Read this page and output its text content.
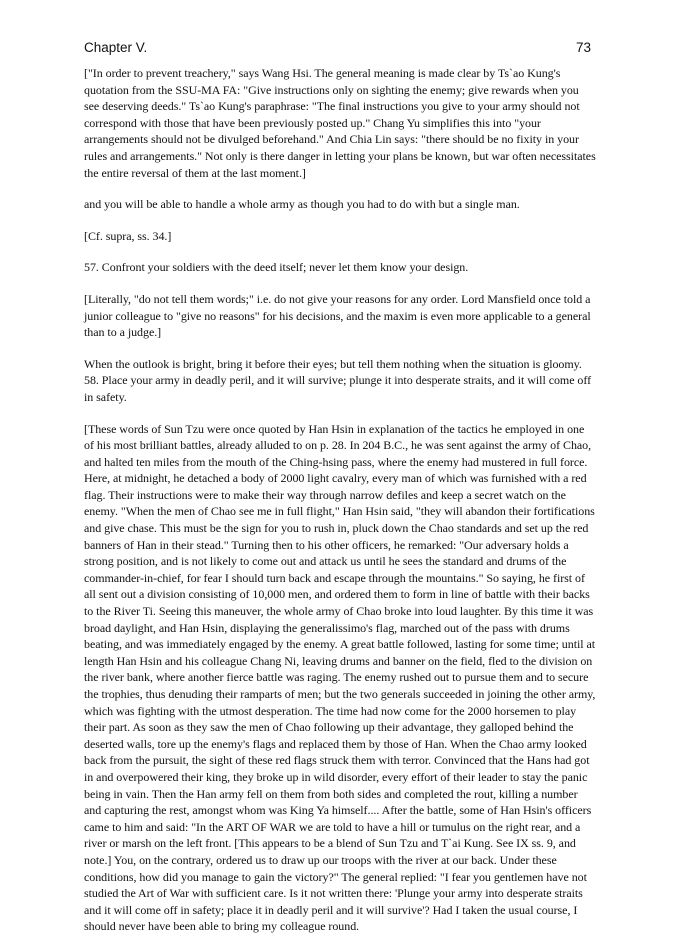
Chapter V.	73

["In order to prevent treachery," says Wang Hsi. The general meaning is made clear by Ts`ao Kung's quotation from the SSU-MA FA: "Give instructions only on sighting the enemy; give rewards when you see deserving deeds." Ts`ao Kung's paraphrase: "The final instructions you give to your army should not correspond with those that have been previously posted up." Chang Yu simplifies this into "your arrangements should not be divulged beforehand." And Chia Lin says: "there should be no fixity in your rules and arrangements." Not only is there danger in letting your plans be known, but war often necessitates the entire reversal of them at the last moment.]

and you will be able to handle a whole army as though you had to do with but a single man.

[Cf. supra, ss. 34.]

57. Confront your soldiers with the deed itself; never let them know your design.

[Literally, "do not tell them words;" i.e. do not give your reasons for any order. Lord Mansfield once told a junior colleague to "give no reasons" for his decisions, and the maxim is even more applicable to a general than to a judge.]

When the outlook is bright, bring it before their eyes; but tell them nothing when the situation is gloomy. 58. Place your army in deadly peril, and it will survive; plunge it into desperate straits, and it will come off in safety.

[These words of Sun Tzu were once quoted by Han Hsin in explanation of the tactics he employed in one of his most brilliant battles, already alluded to on p. 28. In 204 B.C., he was sent against the army of Chao, and halted ten miles from the mouth of the Ching-hsing pass, where the enemy had mustered in full force. Here, at midnight, he detached a body of 2000 light cavalry, every man of which was furnished with a red flag. Their instructions were to make their way through narrow defiles and keep a secret watch on the enemy. "When the men of Chao see me in full flight," Han Hsin said, "they will abandon their fortifications and give chase. This must be the sign for you to rush in, pluck down the Chao standards and set up the red banners of Han in their stead." Turning then to his other officers, he remarked: "Our adversary holds a strong position, and is not likely to come out and attack us until he sees the standard and drums of the commander-in-chief, for fear I should turn back and escape through the mountains." So saying, he first of all sent out a division consisting of 10,000 men, and ordered them to form in line of battle with their backs to the River Ti. Seeing this maneuver, the whole army of Chao broke into loud laughter. By this time it was broad daylight, and Han Hsin, displaying the generalissimo's flag, marched out of the pass with drums beating, and was immediately engaged by the enemy. A great battle followed, lasting for some time; until at length Han Hsin and his colleague Chang Ni, leaving drums and banner on the field, fled to the division on the river bank, where another fierce battle was raging. The enemy rushed out to pursue them and to secure the trophies, thus denuding their ramparts of men; but the two generals succeeded in joining the other army, which was fighting with the utmost desperation. The time had now come for the 2000 horsemen to play their part. As soon as they saw the men of Chao following up their advantage, they galloped behind the deserted walls, tore up the enemy's flags and replaced them by those of Han. When the Chao army looked back from the pursuit, the sight of these red flags struck them with terror. Convinced that the Hans had got in and overpowered their king, they broke up in wild disorder, every effort of their leader to stay the panic being in vain. Then the Han army fell on them from both sides and completed the rout, killing a number and capturing the rest, amongst whom was King Ya himself.... After the battle, some of Han Hsin's officers came to him and said: "In the ART OF WAR we are told to have a hill or tumulus on the right rear, and a river or marsh on the left front. [This appears to be a blend of Sun Tzu and T`ai Kung. See IX ss. 9, and note.] You, on the contrary, ordered us to draw up our troops with the river at our back. Under these conditions, how did you manage to gain the victory?" The general replied: "I fear you gentlemen have not studied the Art of War with sufficient care. Is it not written there: 'Plunge your army into desperate straits and it will come off in safety; place it in deadly peril and it will survive'? Had I taken the usual course, I should never have been able to bring my colleague round.
